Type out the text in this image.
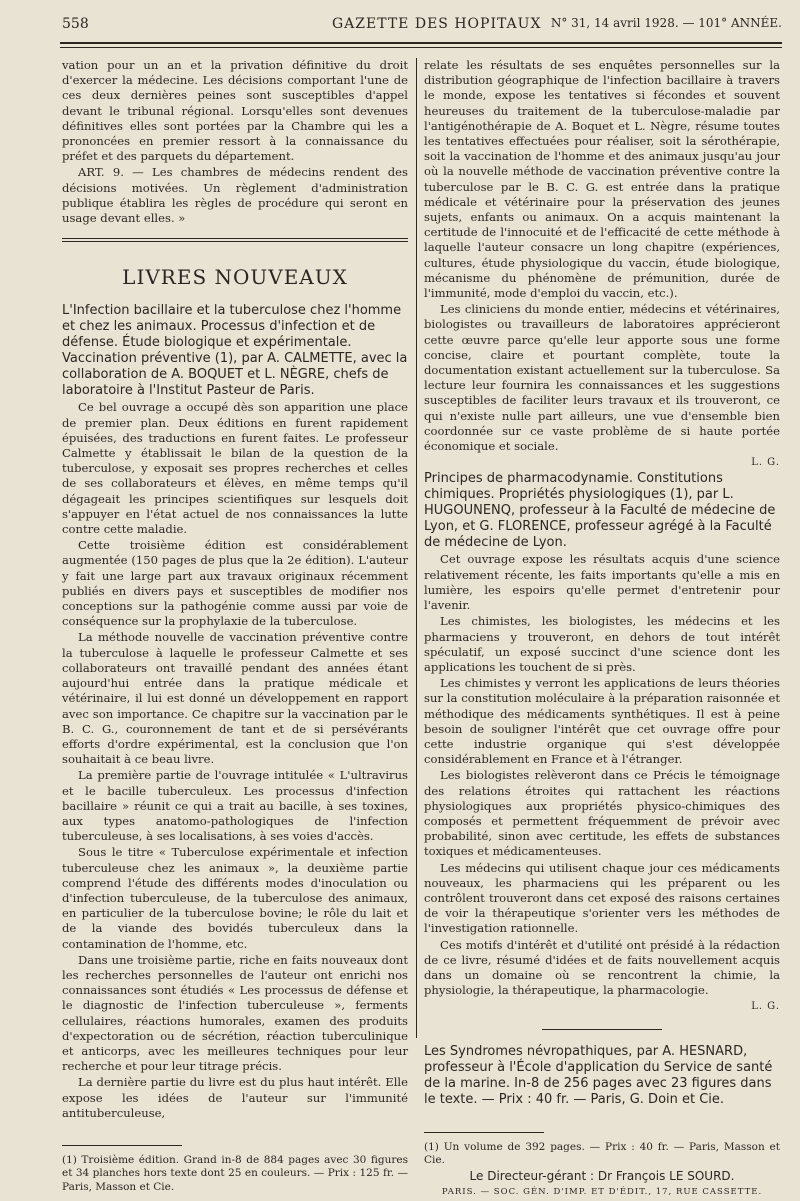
558	GAZETTE DES HOPITAUX N° 31, 14 avril 1928. — 101° ANNÉE.

vation pour un an et la privation définitive du droit d'exercer la médecine. Les décisions comportant l'une de ces deux dernières peines sont susceptibles d'appel devant le tribunal régional. Lorsqu'elles sont devenues définitives elles sont portées par la Chambre qui les a prononcées en premier ressort à la connaissance du préfet et des parquets du département.

ART. 9. — Les chambres de médecins rendent des décisions motivées. Un règlement d'administration publique établira les règles de procédure qui seront en usage devant elles. »

LIVRES NOUVEAUX

L'Infection bacillaire et la tuberculose chez l'homme et chez les animaux. Processus d'infection et de défense. Étude biologique et expérimentale. Vaccination préventive (1), par A. CALMETTE, avec la collaboration de A. BOQUET et L. NÈGRE, chefs de laboratoire à l'Institut Pasteur de Paris.

Ce bel ouvrage a occupé dès son apparition une place de premier plan. Deux éditions en furent rapidement épuisées, des traductions en furent faites. Le professeur Calmette y établissait le bilan de la question de la tuberculose, y exposait ses propres recherches et celles de ses collaborateurs et élèves, en même temps qu'il dégageait les principes scientifiques sur lesquels doit s'appuyer en l'état actuel de nos connaissances la lutte contre cette maladie.

Cette troisième édition est considérablement augmentée (150 pages de plus que la 2e édition). L'auteur y fait une large part aux travaux originaux récemment publiés en divers pays et susceptibles de modifier nos conceptions sur la pathogénie comme aussi par voie de conséquence sur la prophylaxie de la tuberculose.

La méthode nouvelle de vaccination préventive contre la tuberculose à laquelle le professeur Calmette et ses collaborateurs ont travaillé pendant des années étant aujourd'hui entrée dans la pratique médicale et vétérinaire, il lui est donné un développement en rapport avec son importance. Ce chapitre sur la vaccination par le B. C. G., couronnement de tant et de si persévérants efforts d'ordre expérimental, est la conclusion que l'on souhaitait à ce beau livre.

La première partie de l'ouvrage intitulée « L'ultravirus et le bacille tuberculeux. Les processus d'infection bacillaire » réunit ce qui a trait au bacille, à ses toxines, aux types anatomo-pathologiques de l'infection tuberculeuse, à ses localisations, à ses voies d'accès.

Sous le titre « Tuberculose expérimentale et infection tuberculeuse chez les animaux », la deuxième partie comprend l'étude des différents modes d'inoculation ou d'infection tuberculeuse, de la tuberculose des animaux, en particulier de la tuberculose bovine; le rôle du lait et de la viande des bovidés tuberculeux dans la contamination de l'homme, etc.

Dans une troisième partie, riche en faits nouveaux dont les recherches personnelles de l'auteur ont enrichi nos connaissances sont étudiés « Les processus de défense et le diagnostic de l'infection tuberculeuse », ferments cellulaires, réactions humorales, examen des produits d'expectoration ou de sécrétion, réaction tuberculinique et anticorps, avec les meilleures techniques pour leur recherche et pour leur titrage précis.

La dernière partie du livre est du plus haut intérêt. Elle expose les idées de l'auteur sur l'immunité antituberculeuse,

(1) Troisième édition. Grand in-8 de 884 pages avec 30 figures et 34 planches hors texte dont 25 en couleurs. — Prix : 125 fr. — Paris, Masson et Cie.

relate les résultats de ses enquêtes personnelles sur la distribution géographique de l'infection bacillaire à travers le monde, expose les tentatives si fécondes et souvent heureuses du traitement de la tuberculose-maladie par l'antigénothérapie de A. Boquet et L. Nègre, résume toutes les tentatives effectuées pour réaliser, soit la sérothérapie, soit la vaccination de l'homme et des animaux jusqu'au jour où la nouvelle méthode de vaccination préventive contre la tuberculose par le B. C. G. est entrée dans la pratique médicale et vétérinaire pour la préservation des jeunes sujets, enfants ou animaux. On a acquis maintenant la certitude de l'innocuité et de l'efficacité de cette méthode à laquelle l'auteur consacre un long chapitre (expériences, cultures, étude physiologique du vaccin, étude biologique, mécanisme du phénomène de prémunition, durée de l'immunité, mode d'emploi du vaccin, etc.).

Les cliniciens du monde entier, médecins et vétérinaires, biologistes ou travailleurs de laboratoires apprécieront cette œuvre parce qu'elle leur apporte sous une forme concise, claire et pourtant complète, toute la documentation existant actuellement sur la tuberculose. Sa lecture leur fournira les connaissances et les suggestions susceptibles de faciliter leurs travaux et ils trouveront, ce qui n'existe nulle part ailleurs, une vue d'ensemble bien coordonnée sur ce vaste problème de si haute portée économique et sociale.

L. G.

Principes de pharmacodynamie. Constitutions chimiques. Propriétés physiologiques (1), par L. HUGOUNENQ, professeur à la Faculté de médecine de Lyon, et G. FLORENCE, professeur agrégé à la Faculté de médecine de Lyon.

Cet ouvrage expose les résultats acquis d'une science relativement récente, les faits importants qu'elle a mis en lumière, les espoirs qu'elle permet d'entretenir pour l'avenir.

Les chimistes, les biologistes, les médecins et les pharmaciens y trouveront, en dehors de tout intérêt spéculatif, un exposé succinct d'une science dont les applications les touchent de si près.

Les chimistes y verront les applications de leurs théories sur la constitution moléculaire à la préparation raisonnée et méthodique des médicaments synthétiques. Il est à peine besoin de souligner l'intérêt que cet ouvrage offre pour cette industrie organique qui s'est développée considérablement en France et à l'étranger.

Les biologistes relèveront dans ce Précis le témoignage des relations étroites qui rattachent les réactions physiologiques aux propriétés physico-chimiques des composés et permettent fréquemment de prévoir avec probabilité, sinon avec certitude, les effets de substances toxiques et médicamenteuses.

Les médecins qui utilisent chaque jour ces médicaments nouveaux, les pharmaciens qui les préparent ou les contrôlent trouveront dans cet exposé des raisons certaines de voir la thérapeutique s'orienter vers les méthodes de l'investigation rationnelle.

Ces motifs d'intérêt et d'utilité ont présidé à la rédaction de ce livre, résumé d'idées et de faits nouvellement acquis dans un domaine où se rencontrent la chimie, la physiologie, la thérapeutique, la pharmacologie.

L. G.

Les Syndromes névropathiques, par A. HESNARD, professeur à l'École d'application du Service de santé de la marine. In-8 de 256 pages avec 23 figures dans le texte. — Prix : 40 fr. — Paris, G. Doin et Cie.

(1) Un volume de 392 pages. — Prix : 40 fr. — Paris, Masson et Cie.

Le Directeur-gérant : Dr François LE SOURD.

PARIS. — SOC. GÉN. D'IMP. ET D'ÉDIT., 17, RUE CASSETTE.
